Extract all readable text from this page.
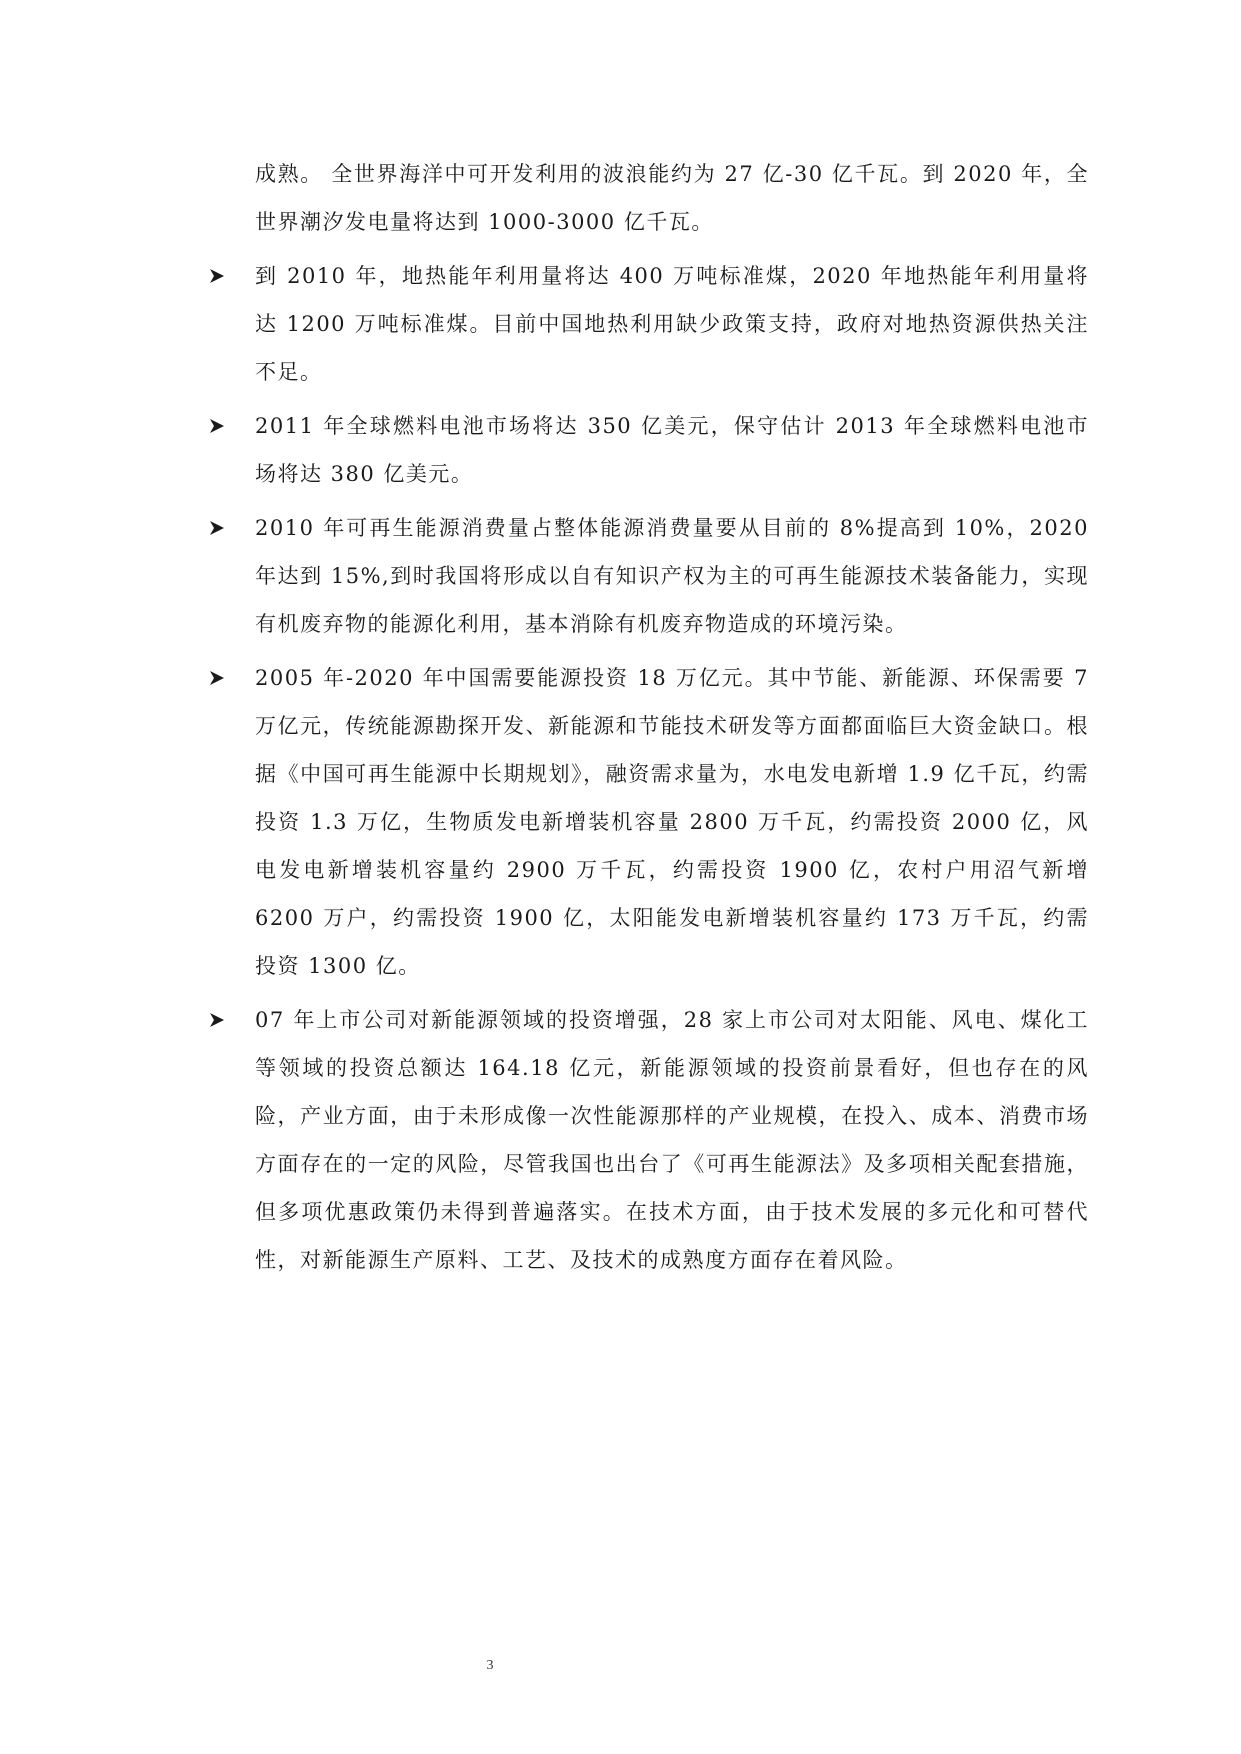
成熟。 全世界海洋中可开发利用的波浪能约为 27 亿-30 亿千瓦。到 2020 年，全世界潮汐发电量将达到 1000-3000 亿千瓦。

到 2010 年，地热能年利用量将达 400 万吨标准煤，2020 年地热能年利用量将达 1200 万吨标准煤。目前中国地热利用缺少政策支持，政府对地热资源供热关注不足。
2011 年全球燃料电池市场将达 350 亿美元，保守估计 2013 年全球燃料电池市场将达 380 亿美元。
2010 年可再生能源消费量占整体能源消费量要从目前的 8%提高到 10%，2020 年达到 15%,到时我国将形成以自有知识产权为主的可再生能源技术装备能力，实现有机废弃物的能源化利用，基本消除有机废弃物造成的环境污染。
2005 年-2020 年中国需要能源投资 18 万亿元。其中节能、新能源、环保需要 7 万亿元，传统能源勘探开发、新能源和节能技术研发等方面都面临巨大资金缺口。根据《中国可再生能源中长期规划》，融资需求量为，水电发电新增 1.9 亿千瓦，约需投资 1.3 万亿，生物质发电新增装机容量 2800 万千瓦，约需投资 2000 亿，风电发电新增装机容量约 2900 万千瓦，约需投资 1900 亿，农村户用沼气新增 6200 万户，约需投资 1900 亿，太阳能发电新增装机容量约 173 万千瓦，约需投资 1300 亿。
07 年上市公司对新能源领域的投资增强，28 家上市公司对太阳能、风电、煤化工等领域的投资总额达 164.18 亿元，新能源领域的投资前景看好，但也存在的风险，产业方面，由于未形成像一次性能源那样的产业规模，在投入、成本、消费市场方面存在的一定的风险，尽管我国也出台了《可再生能源法》及多项相关配套措施，但多项优惠政策仍未得到普遍落实。在技术方面，由于技术发展的多元化和可替代性，对新能源生产原料、工艺、及技术的成熟度方面存在着风险。
3
